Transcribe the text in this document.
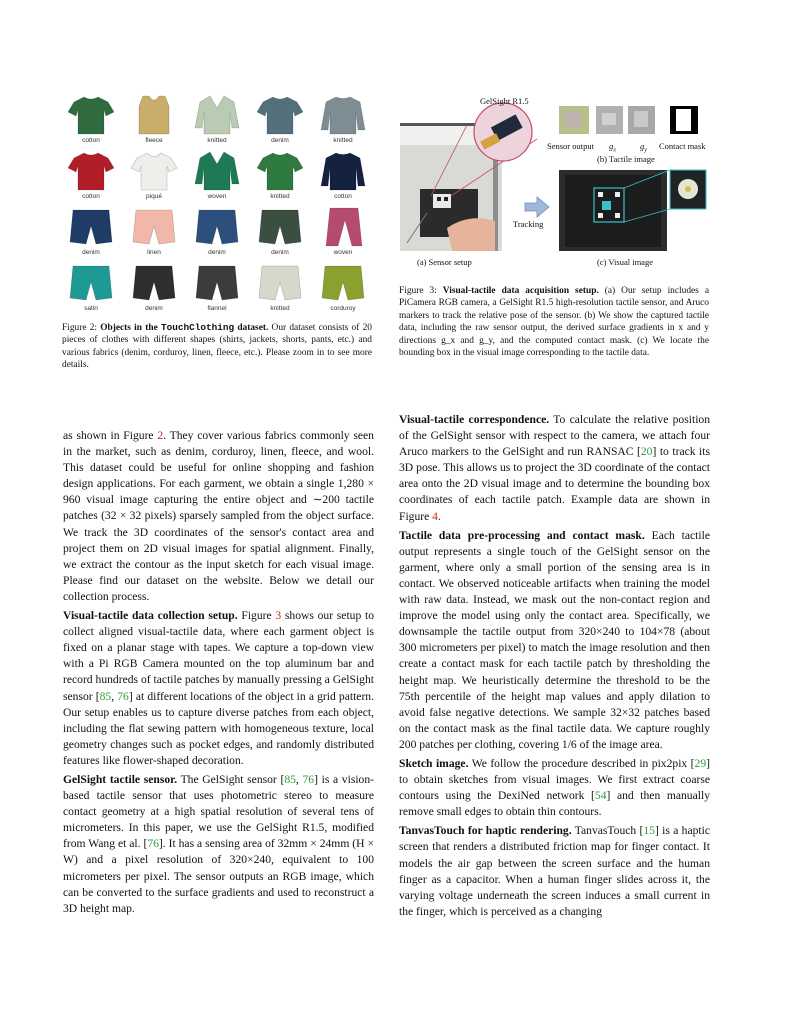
cotton	fleece	knitted	denim	knitted
cotton	piqué	woven	knitted	cotton
denim	linen	denim	denim	woven
satin	denim	flannel	knitted	corduroy
Figure 2: Objects in the TouchClothing dataset. Our dataset consists of 20 pieces of clothes with different shapes (shirts, jackets, shorts, pants, etc.) and various fabrics (denim, corduroy, linen, fleece, etc.). Please zoom in to see more details.
GelSight R1.5
Sensor output $g_x$	$g_y$ Contact mask
(b) Tactile image
Tracking
(a) Sensor setup	(c) Visual image
Figure 3: Visual-tactile data acquisition setup. (a) Our setup includes a PiCamera RGB camera, a GelSight R1.5 high-resolution tactile sensor, and Aruco markers to track the relative pose of the sensor. (b) We show the captured tactile data, including the raw sensor output, the derived surface gradients in x and y directions g_x and g_y, and the computed contact mask. (c) We locate the bounding box in the visual image corresponding to the tactile data.

as shown in Figure 2. They cover various fabrics commonly seen in the market, such as denim, corduroy, linen, fleece, and wool. This dataset could be useful for online shopping and fashion design applications. For each garment, we obtain a single 1,280 × 960 visual image capturing the entire object and ∼200 tactile patches (32 × 32 pixels) sparsely sampled from the object surface. We track the 3D coordinates of the sensor's contact area and project them on 2D visual images for spatial alignment. Finally, we extract the contour as the input sketch for each visual image. Please find our dataset on the website. Below we detail our collection process.

Visual-tactile data collection setup. Figure 3 shows our setup to collect aligned visual-tactile data, where each garment object is fixed on a planar stage with tapes. We capture a top-down view with a Pi RGB Camera mounted on the top aluminum bar and record hundreds of tactile patches by manually pressing a GelSight sensor [85, 76] at different locations of the object in a grid pattern. Our setup enables us to capture diverse patches from each object, including the flat sewing pattern with homogeneous texture, local geometry changes such as pocket edges, and randomly distributed features like flower-shaped decoration.

GelSight tactile sensor. The GelSight sensor [85, 76] is a vision-based tactile sensor that uses photometric stereo to measure contact geometry at a high spatial resolution of several tens of micrometers. In this paper, we use the GelSight R1.5, modified from Wang et al. [76]. It has a sensing area of 32mm × 24mm (H × W) and a pixel resolution of 320×240, equivalent to 100 micrometers per pixel. The sensor outputs an RGB image, which can be converted to the surface gradients and used to reconstruct a 3D height map.

Visual-tactile correspondence. To calculate the relative position of the GelSight sensor with respect to the camera, we attach four Aruco markers to the GelSight and run RANSAC [20] to track its 3D pose. This allows us to project the 3D coordinate of the contact area onto the 2D visual image and to determine the bounding box coordinates of each tactile patch. Example data are shown in Figure 4.

Tactile data pre-processing and contact mask. Each tactile output represents a single touch of the GelSight sensor on the garment, where only a small portion of the sensing area is in contact. We observed noticeable artifacts when training the model with raw data. Instead, we mask out the non-contact region and improve the model using only the contact area. Specifically, we downsample the tactile output from 320×240 to 104×78 (about 300 micrometers per pixel) to match the image resolution and then create a contact mask for each tactile patch by thresholding the height map. We heuristically determine the threshold to be the 75th percentile of the height map values and apply dilation to avoid false negative detections. We sample 32×32 patches based on the contact mask as the final tactile data. We capture roughly 200 patches per clothing, covering 1/6 of the image area.

Sketch image. We follow the procedure described in pix2pix [29] to obtain sketches from visual images. We first extract coarse contours using the DexiNed network [54] and then manually remove small edges to obtain thin contours.

TanvasTouch for haptic rendering. TanvasTouch [15] is a haptic screen that renders a distributed friction map for finger contact. It models the air gap between the screen surface and the human finger as a capacitor. When a human finger slides across it, the varying voltage underneath the screen induces a small current in the finger, which is perceived as a changing
